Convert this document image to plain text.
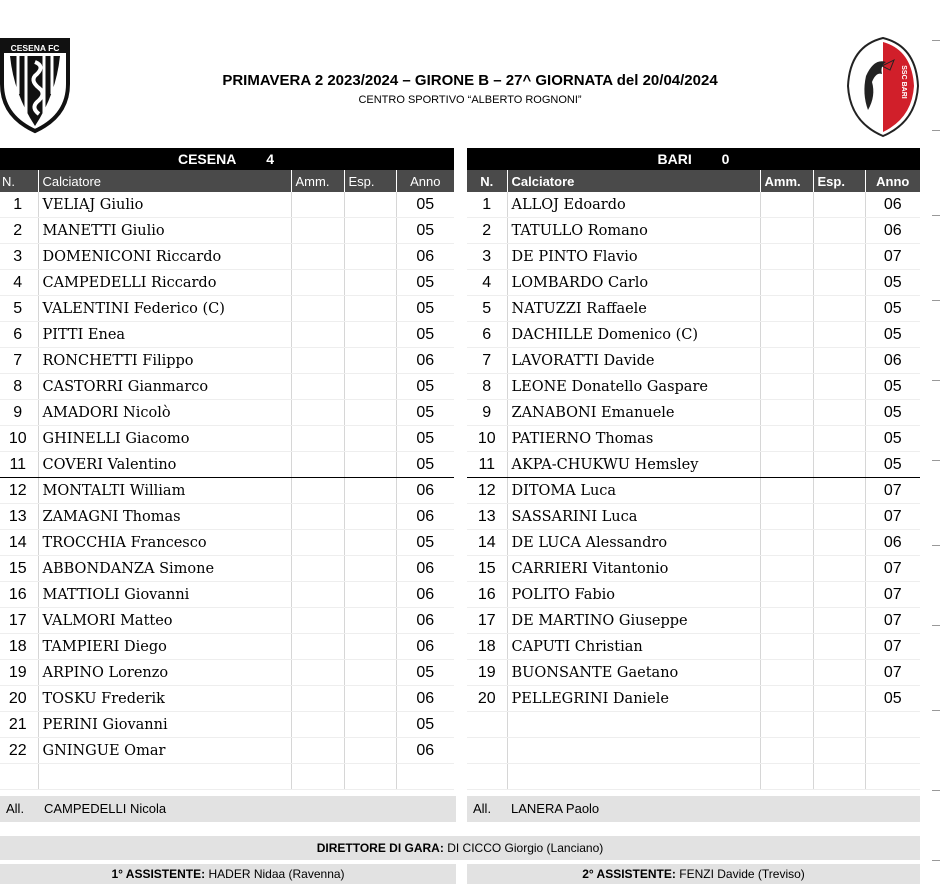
CESENA FC
PRIMAVERA 2 2023/2024 – GIRONE B – 27^ GIORNATA del 20/04/2024
CENTRO SPORTIVO “ALBERTO ROGNONI”
SSC BARI
CESENA 4
N.	Calciatore	Amm.	Esp.	Anno
1	VELIAJ Giulio			05
2	MANETTI Giulio			05
3	DOMENICONI Riccardo			06
4	CAMPEDELLI Riccardo			05
5	VALENTINI Federico (C)			05
6	PITTI Enea			05
7	RONCHETTI Filippo			06
8	CASTORRI Gianmarco			05
9	AMADORI Nicolò			05
10	GHINELLI Giacomo			05
11	COVERI Valentino			05
12	MONTALTI William			06
13	ZAMAGNI Thomas			06
14	TROCCHIA Francesco			05
15	ABBONDANZA Simone			06
16	MATTIOLI Giovanni			06
17	VALMORI Matteo			06
18	TAMPIERI Diego			06
19	ARPINO Lorenzo			05
20	TOSKU Frederik			06
21	PERINI Giovanni			05
22	GNINGUE Omar			06

BARI 0
N.	Calciatore	Amm.	Esp.	Anno
1	ALLOJ Edoardo			06
2	TATULLO Romano			06
3	DE PINTO Flavio			07
4	LOMBARDO Carlo			05
5	NATUZZI Raffaele			05
6	DACHILLE Domenico (C)			05
7	LAVORATTI Davide			06
8	LEONE Donatello Gaspare			05
9	ZANABONI Emanuele			05
10	PATIERNO Thomas			05
11	AKPA-CHUKWU Hemsley			05
12	DITOMA Luca			07
13	SASSARINI Luca			07
14	DE LUCA Alessandro			06
15	CARRIERI Vitantonio			07
16	POLITO Fabio			07
17	DE MARTINO Giuseppe			07
18	CAPUTI Christian			07
19	BUONSANTE Gaetano			07
20	PELLEGRINI Daniele			05

All. CAMPEDELLI Nicola	All. LANERA Paolo
DIRETTORE DI GARA: DI CICCO Giorgio (Lanciano)
1° ASSISTENTE: HADER Nidaa (Ravenna)	2° ASSISTENTE: FENZI Davide (Treviso)
